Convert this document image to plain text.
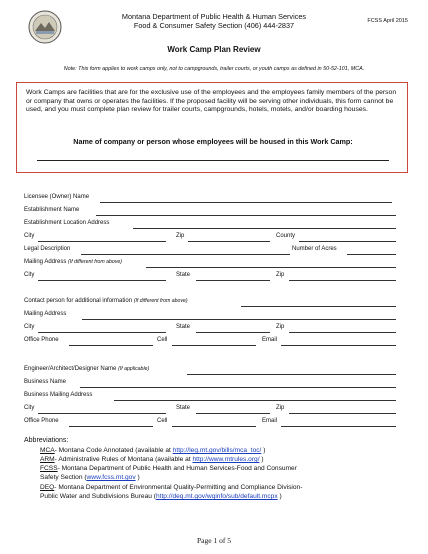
Montana Department of Public Health & Human Services
Food & Consumer Safety Section (406) 444-2837	FCSS April 2015
Work Camp Plan Review
Note: This form applies to work camps only, not to campgrounds, trailer courts, or youth camps as defined in 50-52-101, MCA.
Work Camps are facilities that are for the exclusive use of the employees and the employees family members of the person or company that owns or operates the facilities. If the proposed facility will be serving other individuals, this form cannot be used, and you must complete plan review for trailer courts, campgrounds, hotels, motels, and/or boarding houses.
Name of company or person whose employees will be housed in this Work Camp:
Licensee (Owner) Name
Establishment Name
Establishment Location Address
City	Zip	County
Legal Description	Number of Acres
Mailing Address (If different from above)
City	State	Zip
Contact person for additional information (If different from above)
Mailing Address
City	State	Zip
Office Phone	Cell	Email
Engineer/Architect/Designer Name (If applicable)
Business Name
Business Mailing Address
City	State	Zip
Office Phone	Cell	Email
Abbreviations:
MCA- Montana Code Annotated (available at http://leg.mt.gov/bills/mca_toc/ )
ARM- Administrative Rules of Montana (available at http://www.mtrules.org/ )
FCSS- Montana Department of Public Health and Human Services-Food and Consumer
Safety Section (www.fcss.mt.gov )
DEQ- Montana Department of Environmental Quality-Permitting and Compliance Division-
Public Water and Subdivisions Bureau (http://deq.mt.gov/wqinfo/sub/default.mcpx )
Page 1 of 5
